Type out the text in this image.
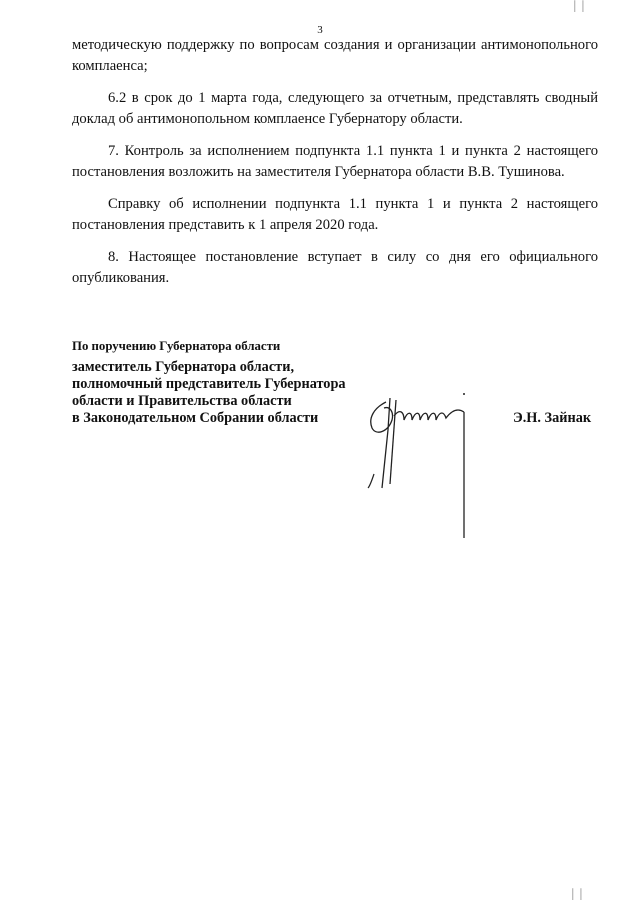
3

методическую поддержку по вопросам создания и организации антимонопольного комплаенса;

6.2 в срок до 1 марта года, следующего за отчетным, представлять сводный доклад об антимонопольном комплаенсе Губернатору области.

7. Контроль за исполнением подпункта 1.1 пункта 1 и пункта 2 настоящего постановления возложить на заместителя Губернатора области В.В. Тушинова.

Справку об исполнении подпункта 1.1 пункта 1 и пункта 2 настоящего постановления представить к 1 апреля 2020 года.

8. Настоящее постановление вступает в силу со дня его официального опубликования.

По поручению Губернатора области
заместитель Губернатора области,
полномочный представитель Губернатора
области и Правительства области
в Законодательном Собрании области	Э.Н. Зайнак
׀ ׀
׀ ׀
